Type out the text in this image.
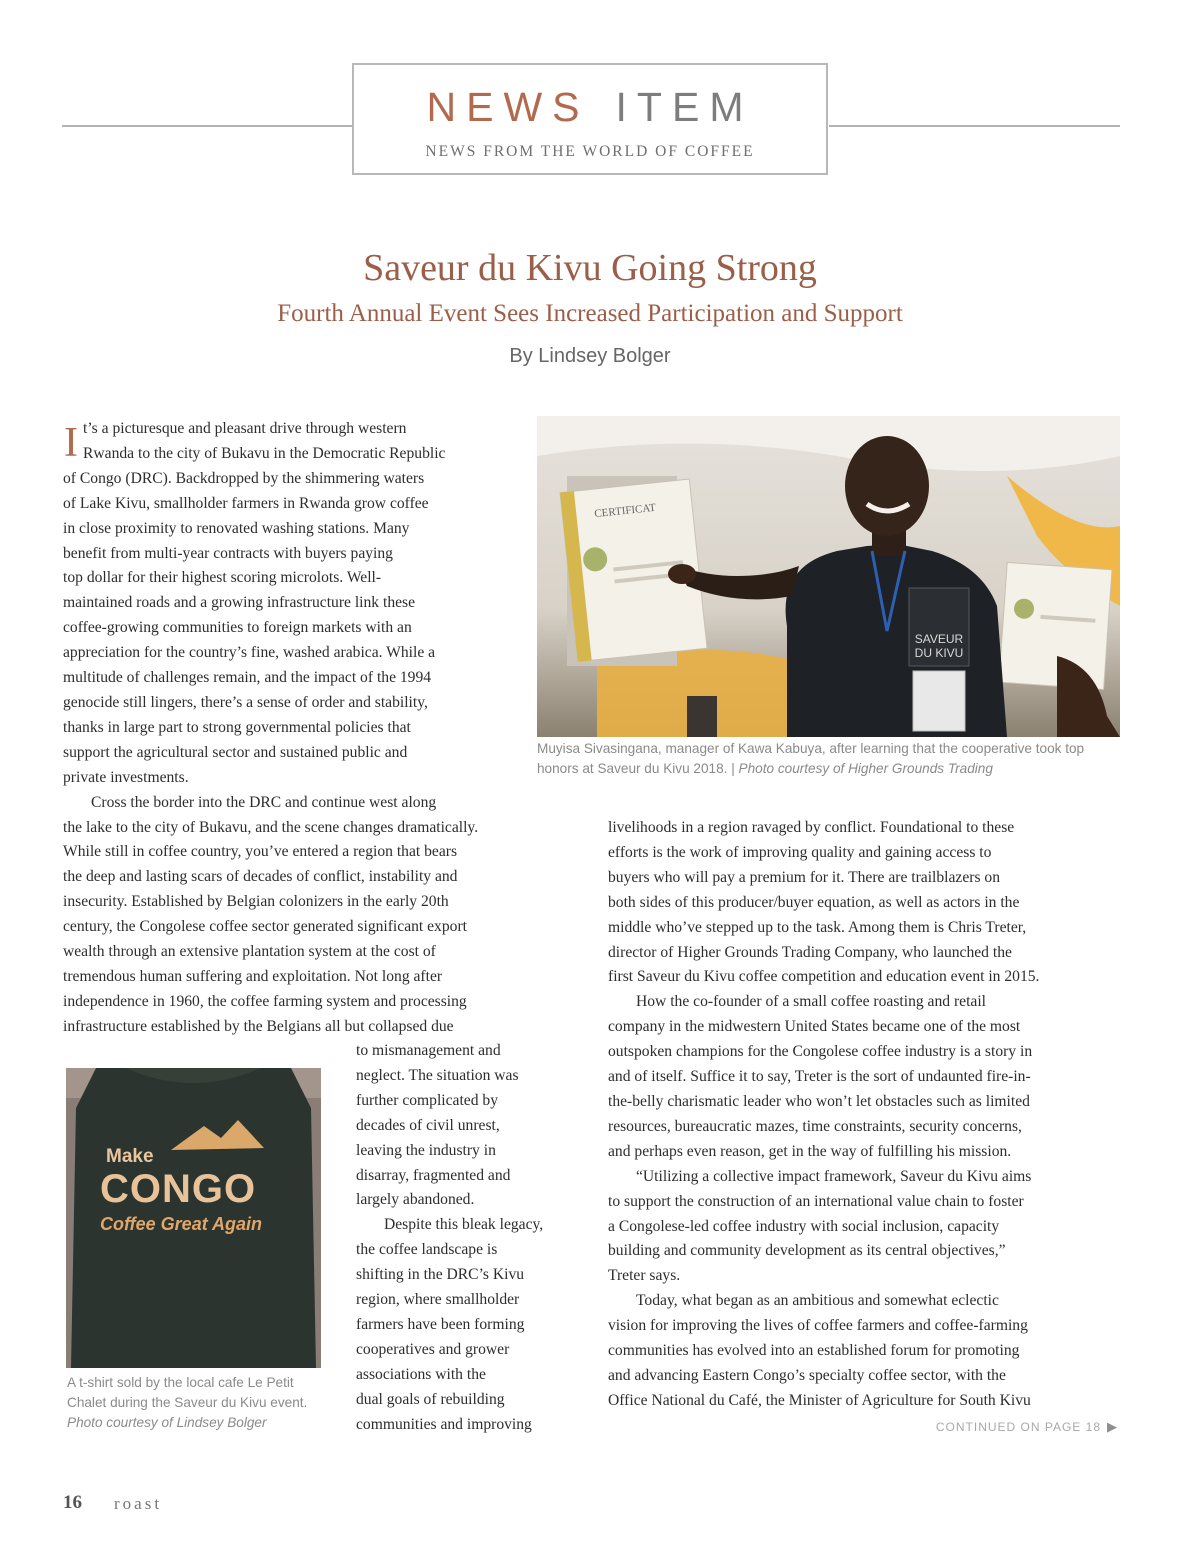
NEWS ITEM
NEWS FROM THE WORLD OF COFFEE
Saveur du Kivu Going Strong
Fourth Annual Event Sees Increased Participation and Support
By Lindsey Bolger
I t’s a picturesque and pleasant drive through western

Rwanda to the city of Bukavu in the Democratic Republic

of Congo (DRC). Backdropped by the shimmering waters

of Lake Kivu, smallholder farmers in Rwanda grow coffee

in close proximity to renovated washing stations. Many

benefit from multi-year contracts with buyers paying

top dollar for their highest scoring microlots. Well-

maintained roads and a growing infrastructure link these

coffee-growing communities to foreign markets with an

appreciation for the country’s fine, washed arabica. While a

multitude of challenges remain, and the impact of the 1994

genocide still lingers, there’s a sense of order and stability,

thanks in large part to strong governmental policies that

support the agricultural sector and sustained public and

private investments.

Cross the border into the DRC and continue west along

the lake to the city of Bukavu, and the scene changes dramatically.

While still in coffee country, you’ve entered a region that bears

the deep and lasting scars of decades of conflict, instability and

insecurity. Established by Belgian colonizers in the early 20th

century, the Congolese coffee sector generated significant export

wealth through an extensive plantation system at the cost of

tremendous human suffering and exploitation. Not long after

independence in 1960, the coffee farming system and processing

infrastructure established by the Belgians all but collapsed due

CERTIFICAT
SAVEUR
DU KIVU
Muyisa Sivasingana, manager of Kawa Kabuya, after learning that the cooperative took top
honors at Saveur du Kivu 2018. | Photo courtesy of Higher Grounds Trading

to mismanagement and

neglect. The situation was

further complicated by

decades of civil unrest,

leaving the industry in

disarray, fragmented and

largely abandoned.

Despite this bleak legacy,

the coffee landscape is

shifting in the DRC’s Kivu

region, where smallholder

farmers have been forming

cooperatives and grower

associations with the

dual goals of rebuilding

communities and improving

Make
CONGO
Coffee Great Again
A t-shirt sold by the local cafe Le Petit
Chalet during the Saveur du Kivu event.
Photo courtesy of Lindsey Bolger

livelihoods in a region ravaged by conflict. Foundational to these

efforts is the work of improving quality and gaining access to

buyers who will pay a premium for it. There are trailblazers on

both sides of this producer/buyer equation, as well as actors in the

middle who’ve stepped up to the task. Among them is Chris Treter,

director of Higher Grounds Trading Company, who launched the

first Saveur du Kivu coffee competition and education event in 2015.

How the co-founder of a small coffee roasting and retail

company in the midwestern United States became one of the most

outspoken champions for the Congolese coffee industry is a story in

and of itself. Suffice it to say, Treter is the sort of undaunted fire-in-

the-belly charismatic leader who won’t let obstacles such as limited

resources, bureaucratic mazes, time constraints, security concerns,

and perhaps even reason, get in the way of fulfilling his mission.

“Utilizing a collective impact framework, Saveur du Kivu aims

to support the construction of an international value chain to foster

a Congolese-led coffee industry with social inclusion, capacity

building and community development as its central objectives,”

Treter says.

Today, what began as an ambitious and somewhat eclectic

vision for improving the lives of coffee farmers and coffee-farming

communities has evolved into an established forum for promoting

and advancing Eastern Congo’s specialty coffee sector, with the

Office National du Café, the Minister of Agriculture for South Kivu

CONTINUED ON PAGE 18 ▶
16 roast
